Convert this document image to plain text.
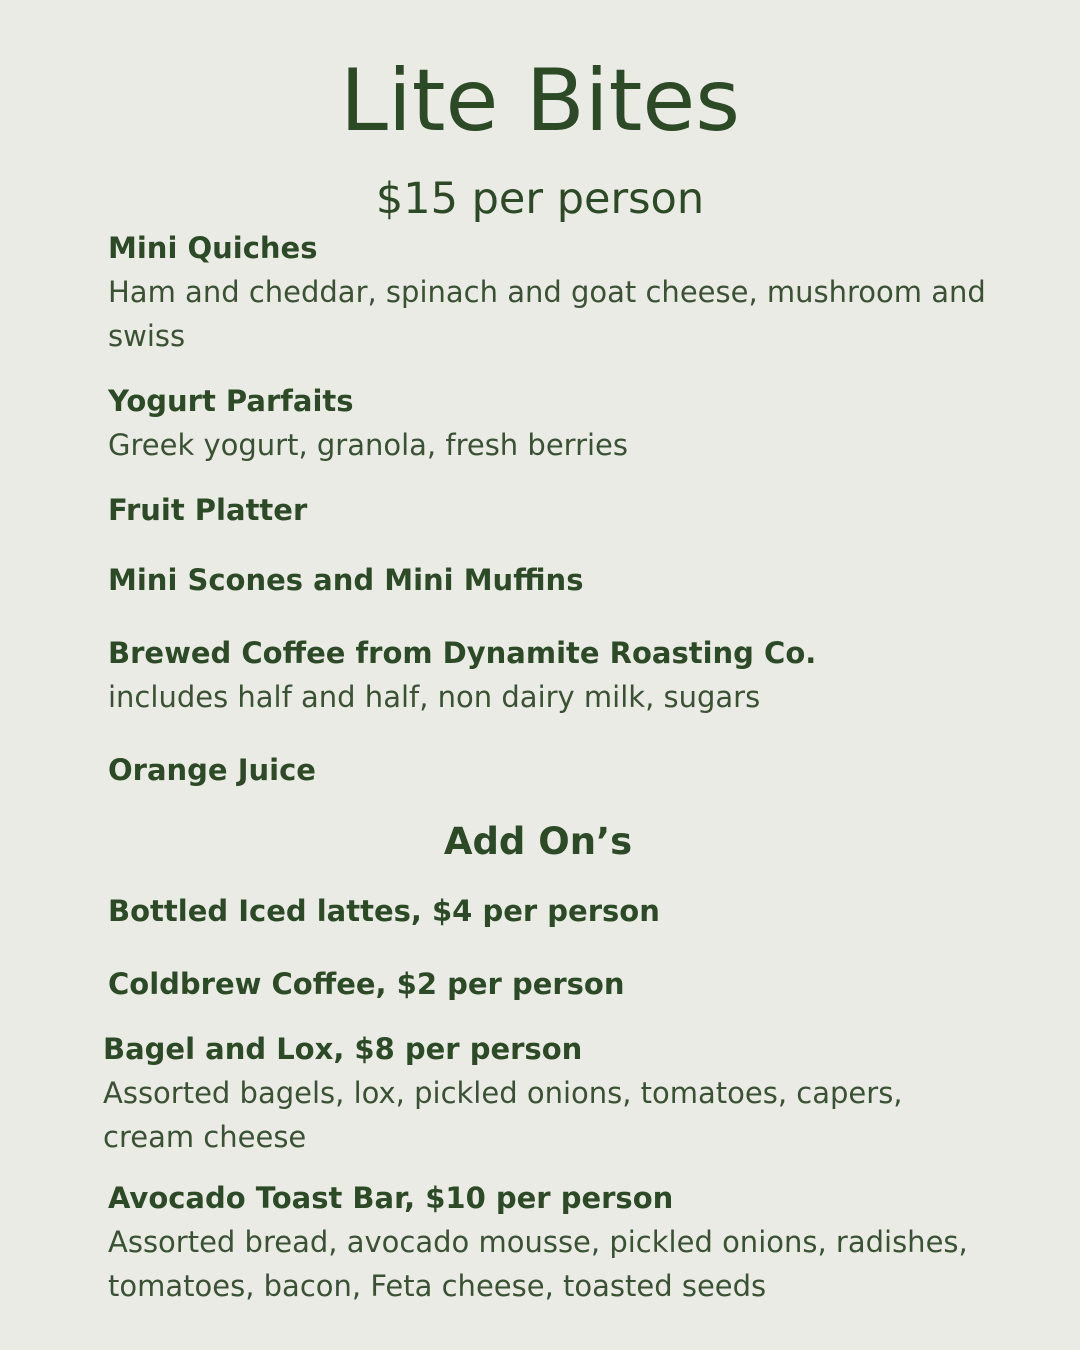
Lite Bites
$15 per person
Mini Quiches
Ham and cheddar, spinach and goat cheese, mushroom and swiss
Yogurt Parfaits
Greek yogurt, granola, fresh berries
Fruit Platter
Mini Scones and Mini Muffins
Brewed Coffee from Dynamite Roasting Co.
includes half and half, non dairy milk, sugars
Orange Juice
Add On’s
Bottled Iced lattes, $4 per person
Coldbrew Coffee, $2 per person
Bagel and Lox, $8 per person
Assorted bagels, lox, pickled onions, tomatoes, capers, cream cheese
Avocado Toast Bar, $10 per person
Assorted bread, avocado mousse, pickled onions, radishes, tomatoes, bacon, Feta cheese, toasted seeds
